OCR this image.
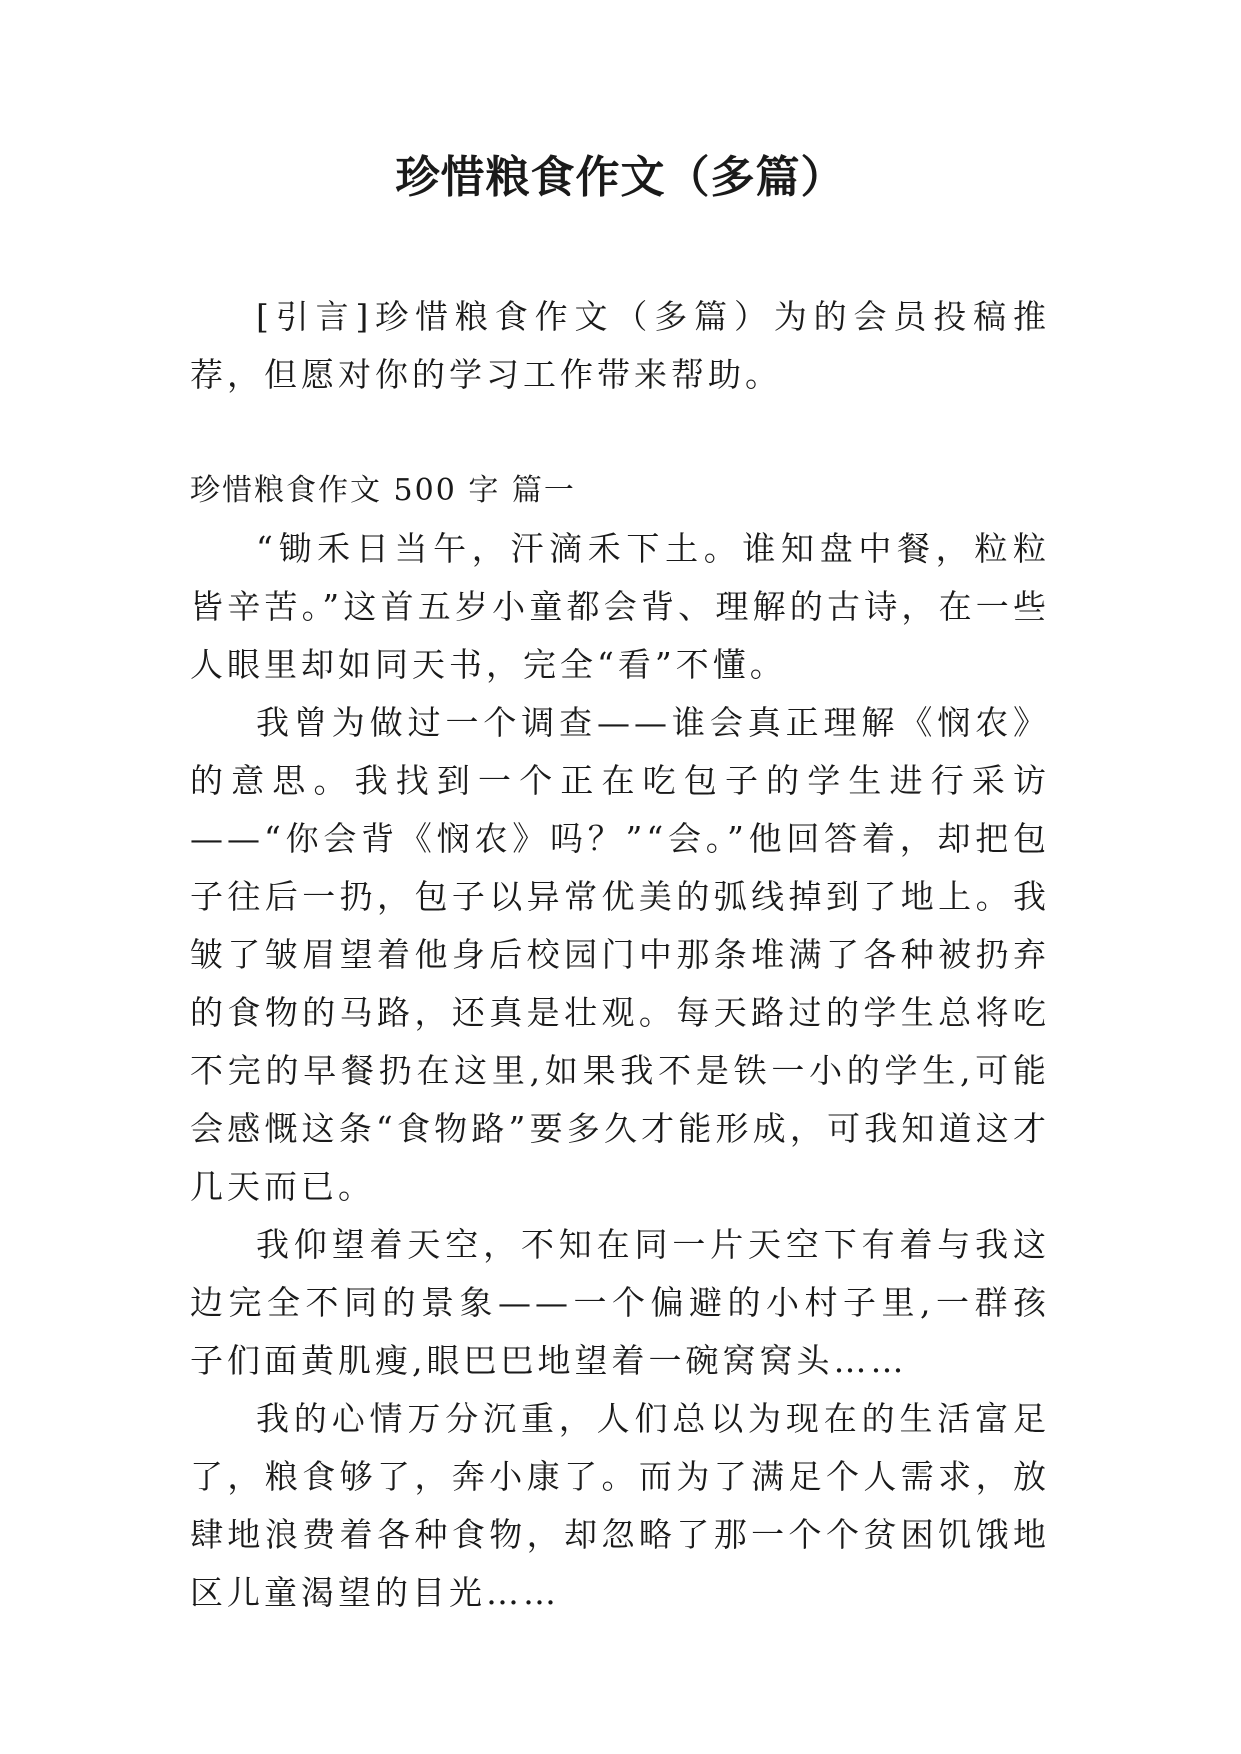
珍惜粮食作文（多篇）

[引言]珍惜粮食作文（多篇）为的会员投稿推荐，但愿对你的学习工作带来帮助。

珍惜粮食作文 500 字 篇一

“锄禾日当午，汗滴禾下土。谁知盘中餐，粒粒皆辛苦。”这首五岁小童都会背、理解的古诗，在一些人眼里却如同天书，完全“看”不懂。

我曾为做过一个调查——谁会真正理解《悯农》的意思。我找到一个正在吃包子的学生进行采访——“你会背《悯农》吗？”“会。”他回答着，却把包子往后一扔，包子以异常优美的弧线掉到了地上。我皱了皱眉望着他身后校园门中那条堆满了各种被扔弃的食物的马路，还真是壮观。每天路过的学生总将吃不完的早餐扔在这里,如果我不是铁一小的学生,可能会感慨这条“食物路”要多久才能形成，可我知道这才几天而已。

我仰望着天空，不知在同一片天空下有着与我这边完全不同的景象——一个偏避的小村子里,一群孩子们面黄肌瘦,眼巴巴地望着一碗窝窝头……

我的心情万分沉重，人们总以为现在的生活富足了，粮食够了，奔小康了。而为了满足个人需求，放肆地浪费着各种食物，却忽略了那一个个贫困饥饿地区儿童渴望的目光……
